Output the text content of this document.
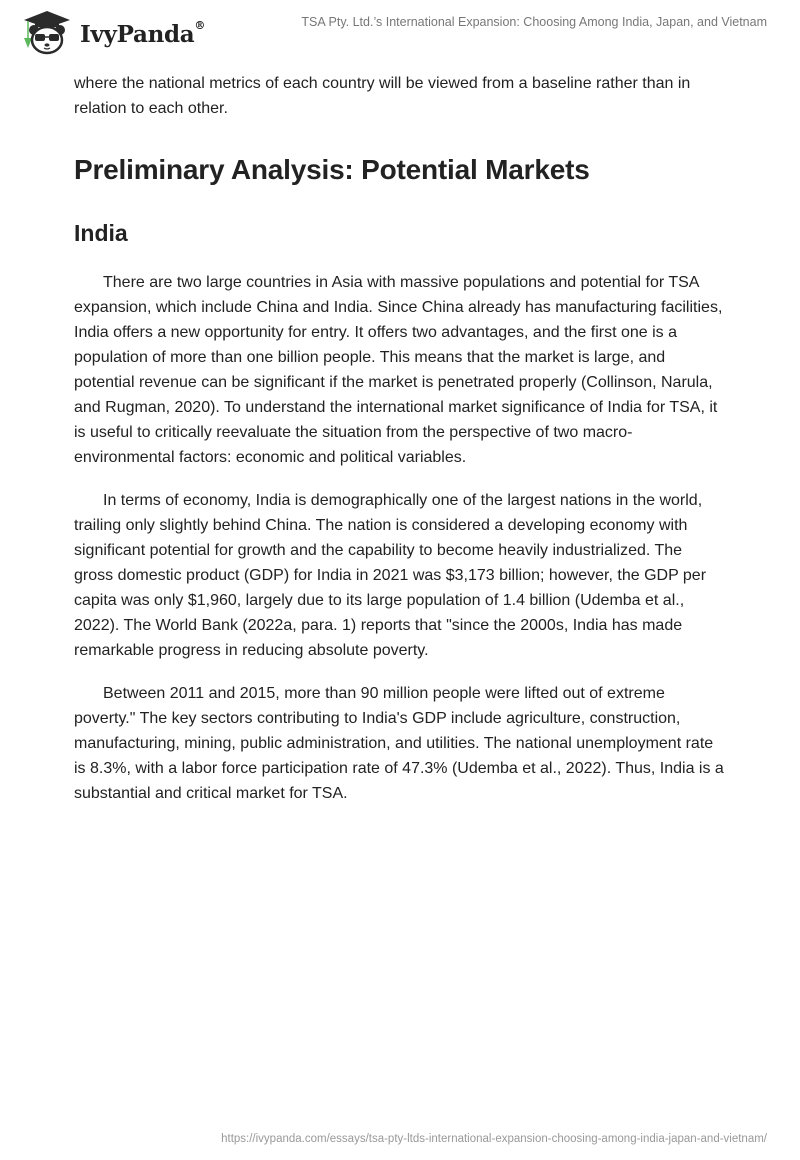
IvyPanda®	TSA Pty. Ltd.’s International Expansion: Choosing Among India, Japan, and Vietnam

where the national metrics of each country will be viewed from a baseline rather than in relation to each other.

Preliminary Analysis: Potential Markets
India

There are two large countries in Asia with massive populations and potential for TSA expansion, which include China and India. Since China already has manufacturing facilities, India offers a new opportunity for entry. It offers two advantages, and the first one is a population of more than one billion people. This means that the market is large, and potential revenue can be significant if the market is penetrated properly (Collinson, Narula, and Rugman, 2020). To understand the international market significance of India for TSA, it is useful to critically reevaluate the situation from the perspective of two macro-environmental factors: economic and political variables.

In terms of economy, India is demographically one of the largest nations in the world, trailing only slightly behind China. The nation is considered a developing economy with significant potential for growth and the capability to become heavily industrialized. The gross domestic product (GDP) for India in 2021 was $3,173 billion; however, the GDP per capita was only $1,960, largely due to its large population of 1.4 billion (Udemba et al., 2022). The World Bank (2022a, para. 1) reports that "since the 2000s, India has made remarkable progress in reducing absolute poverty.

Between 2011 and 2015, more than 90 million people were lifted out of extreme poverty." The key sectors contributing to India's GDP include agriculture, construction, manufacturing, mining, public administration, and utilities. The national unemployment rate is 8.3%, with a labor force participation rate of 47.3% (Udemba et al., 2022). Thus, India is a substantial and critical market for TSA.

https://ivypanda.com/essays/tsa-pty-ltds-international-expansion-choosing-among-india-japan-and-vietnam/
